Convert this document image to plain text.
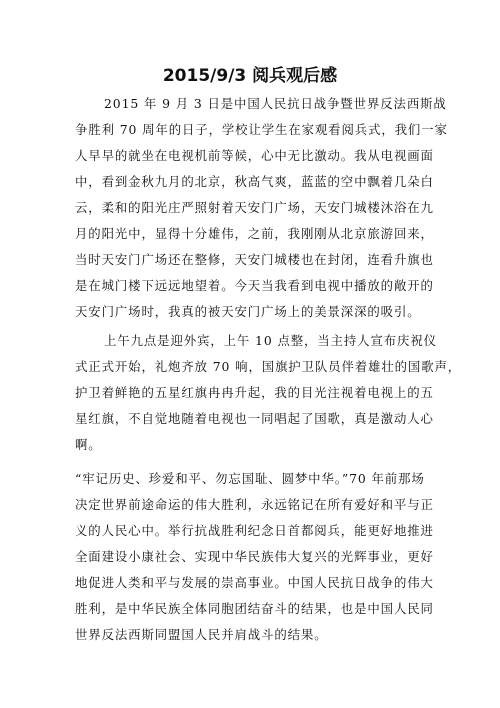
2015/9/3 阅兵观后感
2015 年 9 月 3 日是中国人民抗日战争暨世界反法西斯战
争胜利 70 周年的日子，学校让学生在家观看阅兵式，我们一家
人早早的就坐在电视机前等候，心中无比激动。我从电视画面
中，看到金秋九月的北京，秋高气爽，蓝蓝的空中飘着几朵白
云，柔和的阳光庄严照射着天安门广场，天安门城楼沐浴在九
月的阳光中，显得十分雄伟，之前，我刚刚从北京旅游回来，
当时天安门广场还在整修，天安门城楼也在封闭，连看升旗也
是在城门楼下远远地望着。今天当我看到电视中播放的敞开的
天安门广场时，我真的被天安门广场上的美景深深的吸引。
上午九点是迎外宾，上午 10 点整，当主持人宣布庆祝仪
式正式开始，礼炮齐放 70 响，国旗护卫队员伴着雄壮的国歌声，
护卫着鲜艳的五星红旗冉冉升起，我的目光注视着电视上的五
星红旗，不自觉地随着电视也一同唱起了国歌，真是激动人心
啊。
“牢记历史、珍爱和平、勿忘国耻、圆梦中华。”70 年前那场
决定世界前途命运的伟大胜利，永远铭记在所有爱好和平与正
义的人民心中。举行抗战胜利纪念日首都阅兵，能更好地推进
全面建设小康社会、实现中华民族伟大复兴的光辉事业，更好
地促进人类和平与发展的崇高事业。中国人民抗日战争的伟大
胜利，是中华民族全体同胞团结奋斗的结果，也是中国人民同
世界反法西斯同盟国人民并肩战斗的结果。
